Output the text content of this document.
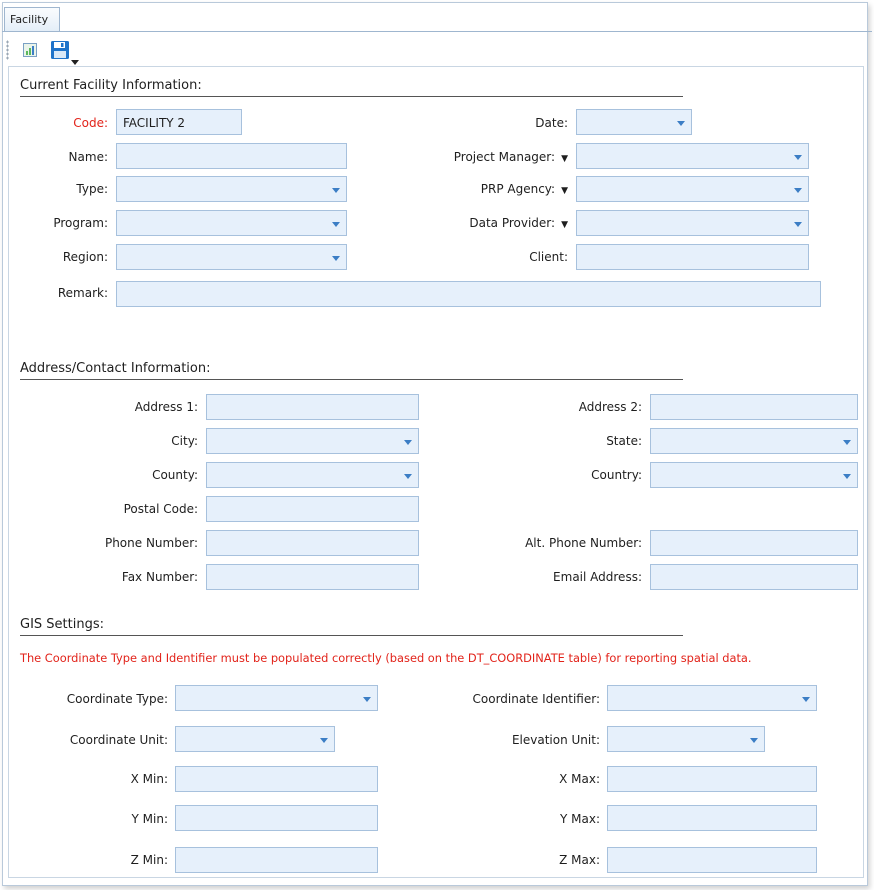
Facility
Current Facility Information:
Address/Contact Information:
GIS Settings:
Code:	FACILITY 2
Name:
Type:
Program:
Region:
Remark:
Date:
Project Manager: ▼
PRP Agency: ▼
Data Provider: ▼
Client:
Address 1:
City:
County:
Postal Code:
Phone Number:
Fax Number:
Address 2:
State:
Country:
Alt. Phone Number:
Email Address:
The Coordinate Type and Identifier must be populated correctly (based on the DT_COORDINATE table) for reporting spatial data.
Coordinate Type:
Coordinate Unit:
X Min:
Y Min:
Z Min:
Coordinate Identifier:
Elevation Unit:
X Max:
Y Max:
Z Max:
